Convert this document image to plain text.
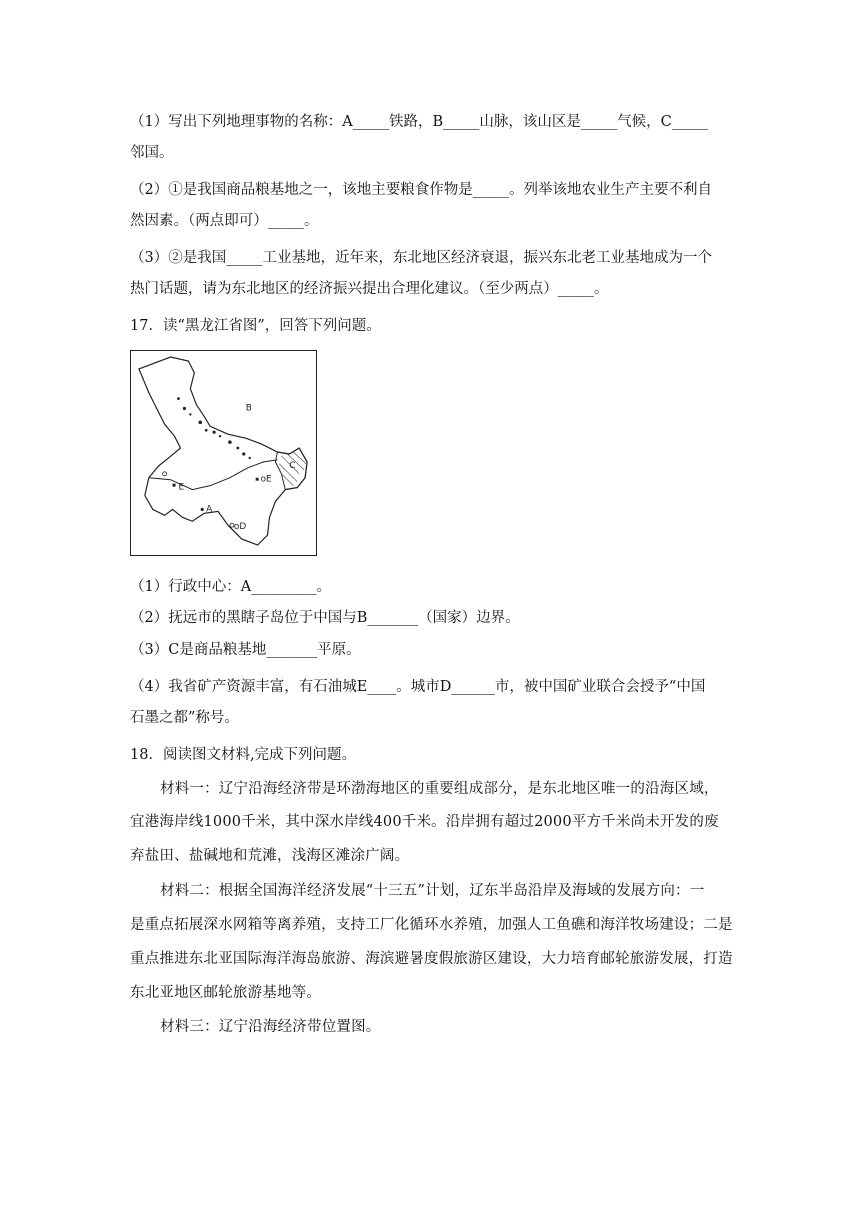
（1）写出下列地理事物的名称：A_____铁路，B_____山脉，该山区是_____气候，C_____
邻国。
（2）①是我国商品粮基地之一，该地主要粮食作物是_____。列举该地农业生产主要不利自
然因素。（两点即可）_____。
（3）②是我国_____工业基地，近年来，东北地区经济衰退，振兴东北老工业基地成为一个
热门话题，请为东北地区的经济振兴提出合理化建议。（至少两点）_____。
17．读“黑龙江省图”，回答下列问题。
B
C
oE
E
A
oD
（1）行政中心：A_________。
（2）抚远市的黑瞎子岛位于中国与B_______（国家）边界。
（3）C是商品粮基地_______平原。
（4）我省矿产资源丰富，有石油城E____。城市D______市，被中国矿业联合会授予“中国
石墨之都”称号。
18．阅读图文材料,完成下列问题。
材料一：辽宁沿海经济带是环渤海地区的重要组成部分，是东北地区唯一的沿海区域，
宜港海岸线1000千米，其中深水岸线400千米。沿岸拥有超过2000平方千米尚未开发的废
弃盐田、盐碱地和荒滩，浅海区滩涂广阔。
材料二：根据全国海洋经济发展“十三五”计划，辽东半岛沿岸及海域的发展方向：一
是重点拓展深水网箱等离养殖，支持工厂化循环水养殖，加强人工鱼礁和海洋牧场建设；二是
重点推进东北亚国际海洋海岛旅游、海滨避暑度假旅游区建设，大力培育邮轮旅游发展，打造
东北亚地区邮轮旅游基地等。
材料三：辽宁沿海经济带位置图。
